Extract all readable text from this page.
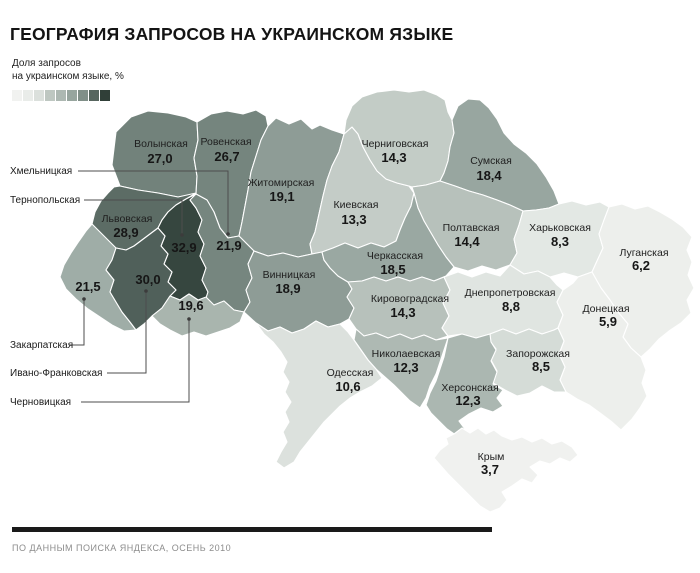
ГЕОГРАФИЯ ЗАПРОСОВ НА УКРАИНСКОМ ЯЗЫКЕ
Доля запросов
на украинском языке, %
Хмельницкая
Тернопольская
Закарпатская
Ивано-Франковская
Черновицкая
Волынская
27,0
Ровенская
26,7
Житомирская
19,1
Киевская
13,3
Черниговская
14,3	Сумская
18,4
Полтавская
14,4
Харьковская
8,3
Луганская
6,2
Львовская
28,9
32,9 21,9
21,5	30,0
19,6
Винницкая
18,9
Черкасская
18,5
Кировоградская
14,3
Днепропетровская
8,8	Донецкая
5,9
Запорожская
8,5
Николаевская
12,3
Одесская
10,6	Херсонская
12,3
Крым
3,7
ПО ДАННЫМ ПОИСКА ЯНДЕКСА, ОСЕНЬ 2010
